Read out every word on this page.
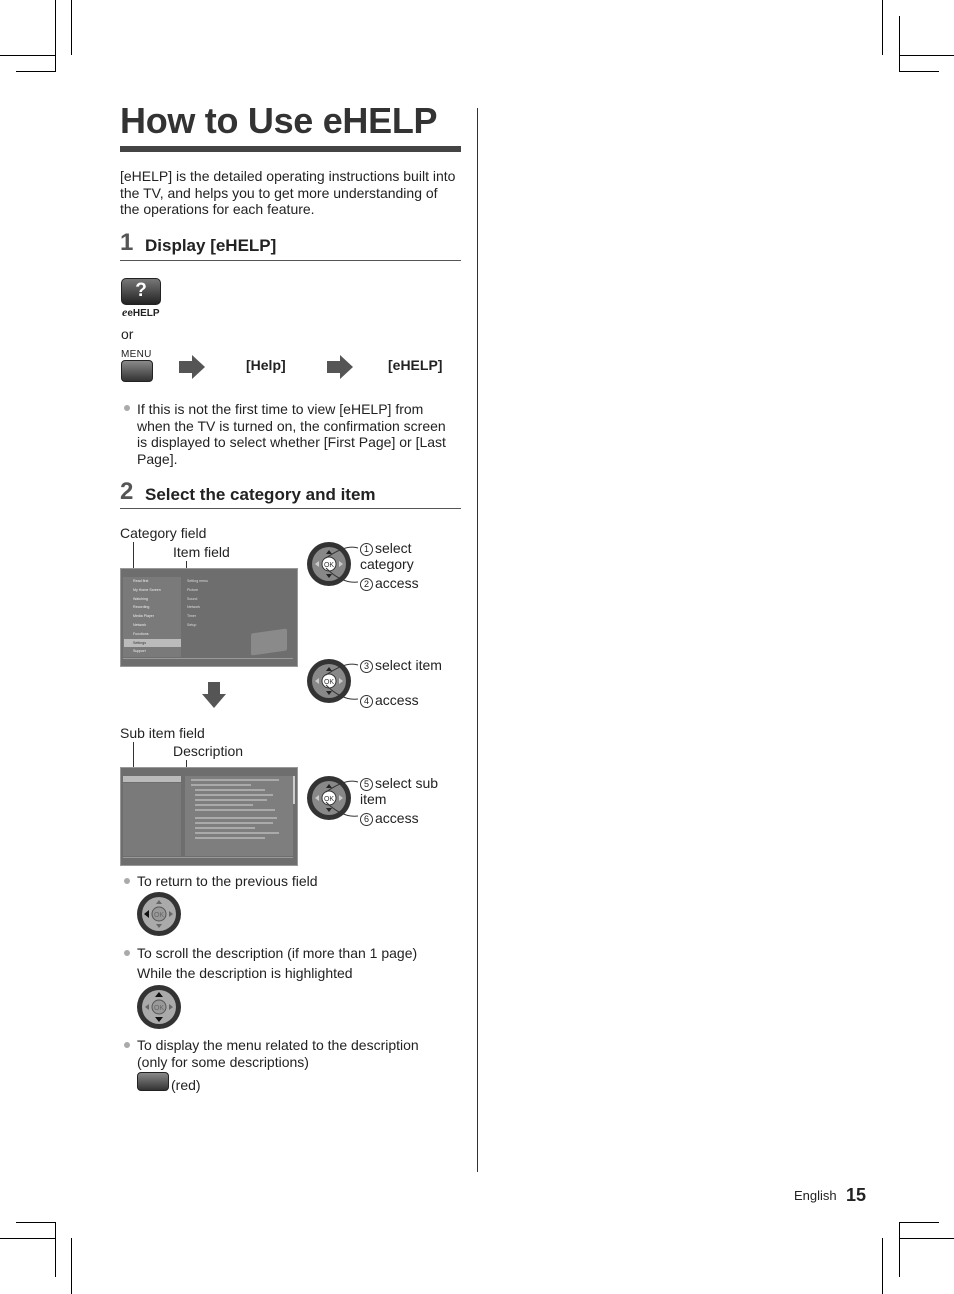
How to Use eHELP
[eHELP] is the detailed operating instructions built into the TV, and helps you to get more understanding of the operations for each feature.
1 Display [eHELP]
?
eeHELP
or
MENU
[Help]	[eHELP]
If this is not the first time to view [eHELP] from when the TV is turned on, the confirmation screen is displayed to select whether [First Page] or [Last Page].
2 Select the category and item
Category field
Item field
Read first
My Home Screen
Watching
Recording
Media Player
Network
Functions
Settings
Support
Setting menu
Picture
Sound
Network
Timer
Setup
OK
1 select category
2 access
OK
3 select item
4 access
Sub item field
Description
OK
5 select sub item
6 access
To return to the previous field
OK
To scroll the description (if more than 1 page)
While the description is highlighted
OK
To display the menu related to the description (only for some descriptions)
(red)
English 15
